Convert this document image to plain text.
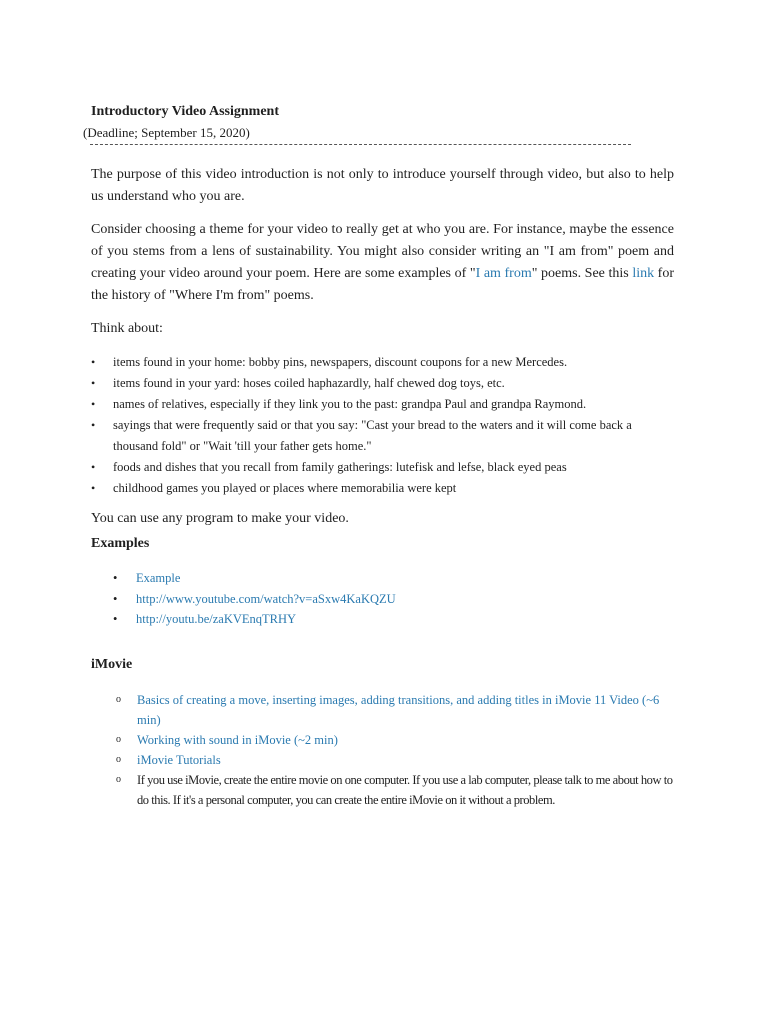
Introductory Video Assignment
(Deadline; September 15, 2020)

The purpose of this video introduction is not only to introduce yourself through video, but also to help us understand who you are.

Consider choosing a theme for your video to really get at who you are. For instance, maybe the essence of you stems from a lens of sustainability. You might also consider writing an "I am from" poem and creating your video around your poem. Here are some examples of "I am from" poems. See this link for the history of "Where I'm from" poems.

Think about:

• items found in your home: bobby pins, newspapers, discount coupons for a new Mercedes.
• items found in your yard: hoses coiled haphazardly, half chewed dog toys, etc.
• names of relatives, especially if they link you to the past: grandpa Paul and grandpa Raymond.
• sayings that were frequently said or that you say: "Cast your bread to the waters and it will come back a thousand fold" or "Wait 'till your father gets home."
• foods and dishes that you recall from family gatherings: lutefisk and lefse, black eyed peas
• childhood games you played or places where memorabilia were kept

You can use any program to make your video.

Examples
• Example
• http://www.youtube.com/watch?v=aSxw4KaKQZU
• http://youtu.be/zaKVEnqTRHY
iMovie
o Basics of creating a move, inserting images, adding transitions, and adding titles in iMovie 11 Video (~6 min)
o Working with sound in iMovie (~2 min)
o iMovie Tutorials
o If you use iMovie, create the entire movie on one computer. If you use a lab computer, please talk to me about how to do this. If it's a personal computer, you can create the entire iMovie on it without a problem.
